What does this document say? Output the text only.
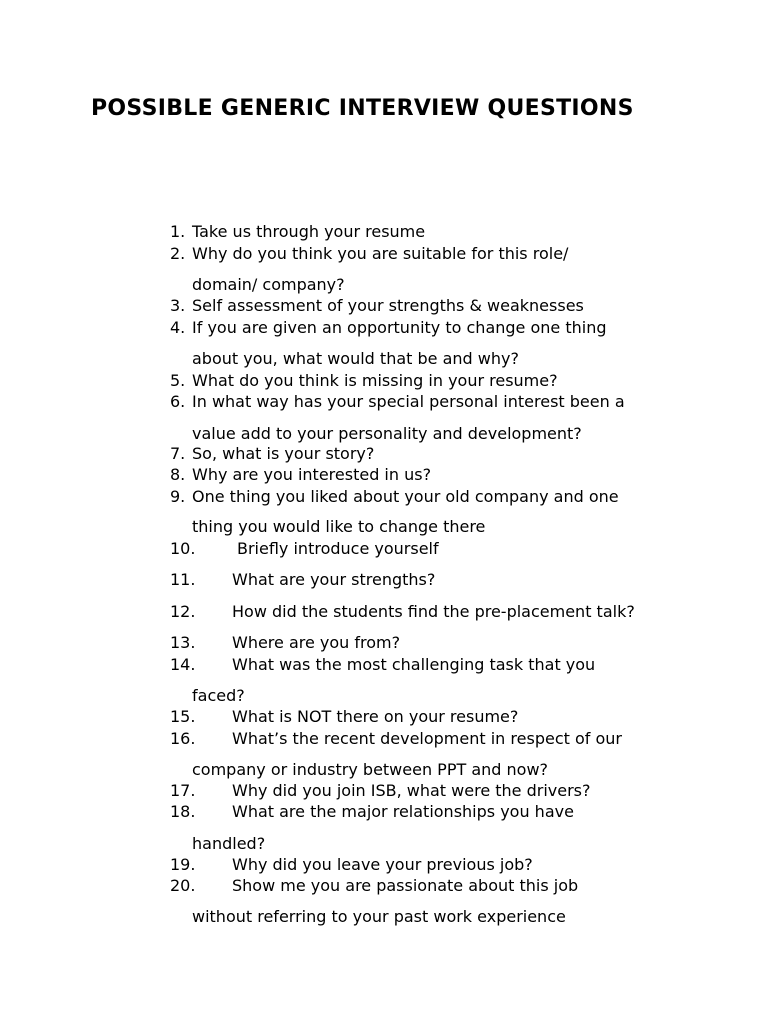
POSSIBLE GENERIC INTERVIEW QUESTIONS
1. Take us through your resume
2. Why do you think you are suitable for this role/
domain/ company?
3. Self assessment of your strengths & weaknesses
4. If you are given an opportunity to change one thing
about you, what would that be and why?
5. What do you think is missing in your resume?
6. In what way has your special personal interest been a
value add to your personality and development?
7. So, what is your story?
8. Why are you interested in us?
9. One thing you liked about your old company and one
thing you would like to change there
10.	Briefly introduce yourself
11. What are your strengths?
12. How did the students find the pre-placement talk?
13. Where are you from?
14. What was the most challenging task that you
faced?
15. What is NOT there on your resume?
16. What’s the recent development in respect of our
company or industry between PPT and now?
17. Why did you join ISB, what were the drivers?
18. What are the major relationships you have
handled?
19. Why did you leave your previous job?
20. Show me you are passionate about this job
without referring to your past work experience
